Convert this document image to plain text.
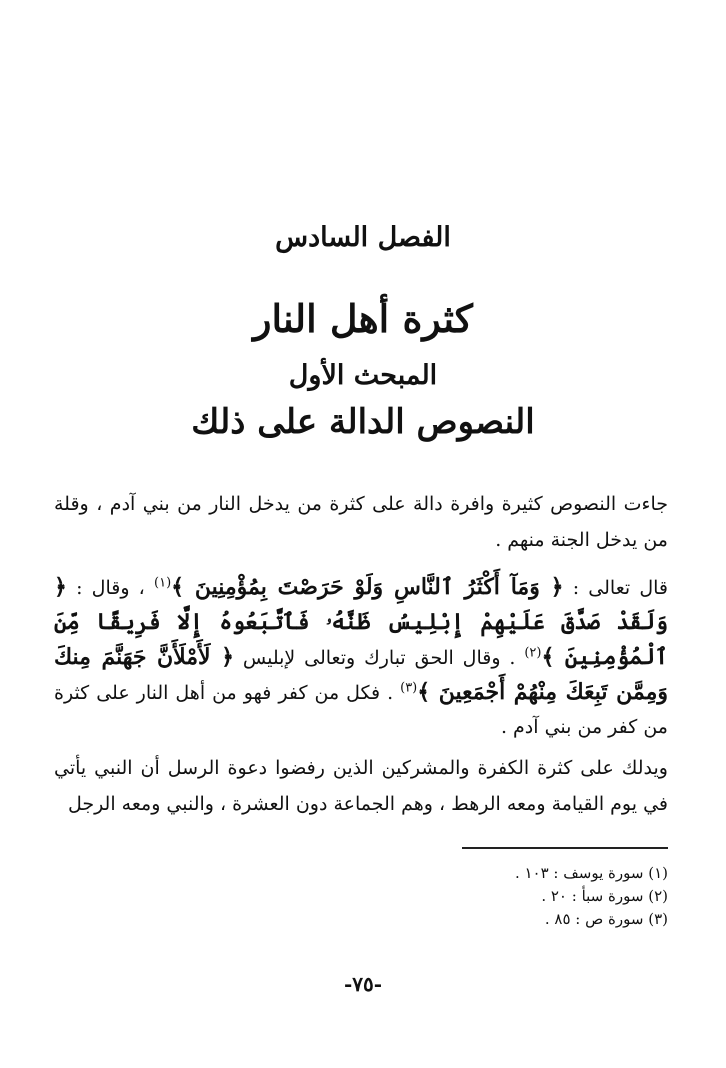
الفصل السادس
كثرة أهل النار
المبحث الأول
النصوص الدالة على ذلك

جاءت النصوص كثيرة وافرة دالة على كثرة من يدخل النار من بني آدم ، وقلة من يدخل الجنة منهم .

قال تعالى : ﴿ وَمَآ أَكْثَرُ ٱلنَّاسِ وَلَوْ حَرَصْتَ بِمُؤْمِنِينَ ﴾$^{(١)}$ ، وقال : ﴿ وَلَقَدْ صَدَّقَ عَلَيْهِمْ إِبْلِيسُ ظَنَّهُۥ فَٱتَّبَعُوهُ إِلَّا فَرِيقًا مِّنَ ٱلْمُؤْمِنِينَ ﴾$^{(٢)}$ . وقال الحق تبارك وتعالى لإبليس ﴿ لَأَمْلَأَنَّ جَهَنَّمَ مِنكَ وَمِمَّن تَبِعَكَ مِنْهُمْ أَجْمَعِينَ ﴾$^{(٣)}$ . فكل من كفر فهو من أهل النار على كثرة من كفر من بني آدم .

ويدلك على كثرة الكفرة والمشركين الذين رفضوا دعوة الرسل أن النبي يأتي في يوم القيامة ومعه الرهط ، وهم الجماعة دون العشرة ، والنبي ومعه الرجل

(١) سورة يوسف : ١٠٣ .
(٢) سورة سبأ : ٢٠ .
(٣) سورة ص : ٨٥ .
-٧٥-
